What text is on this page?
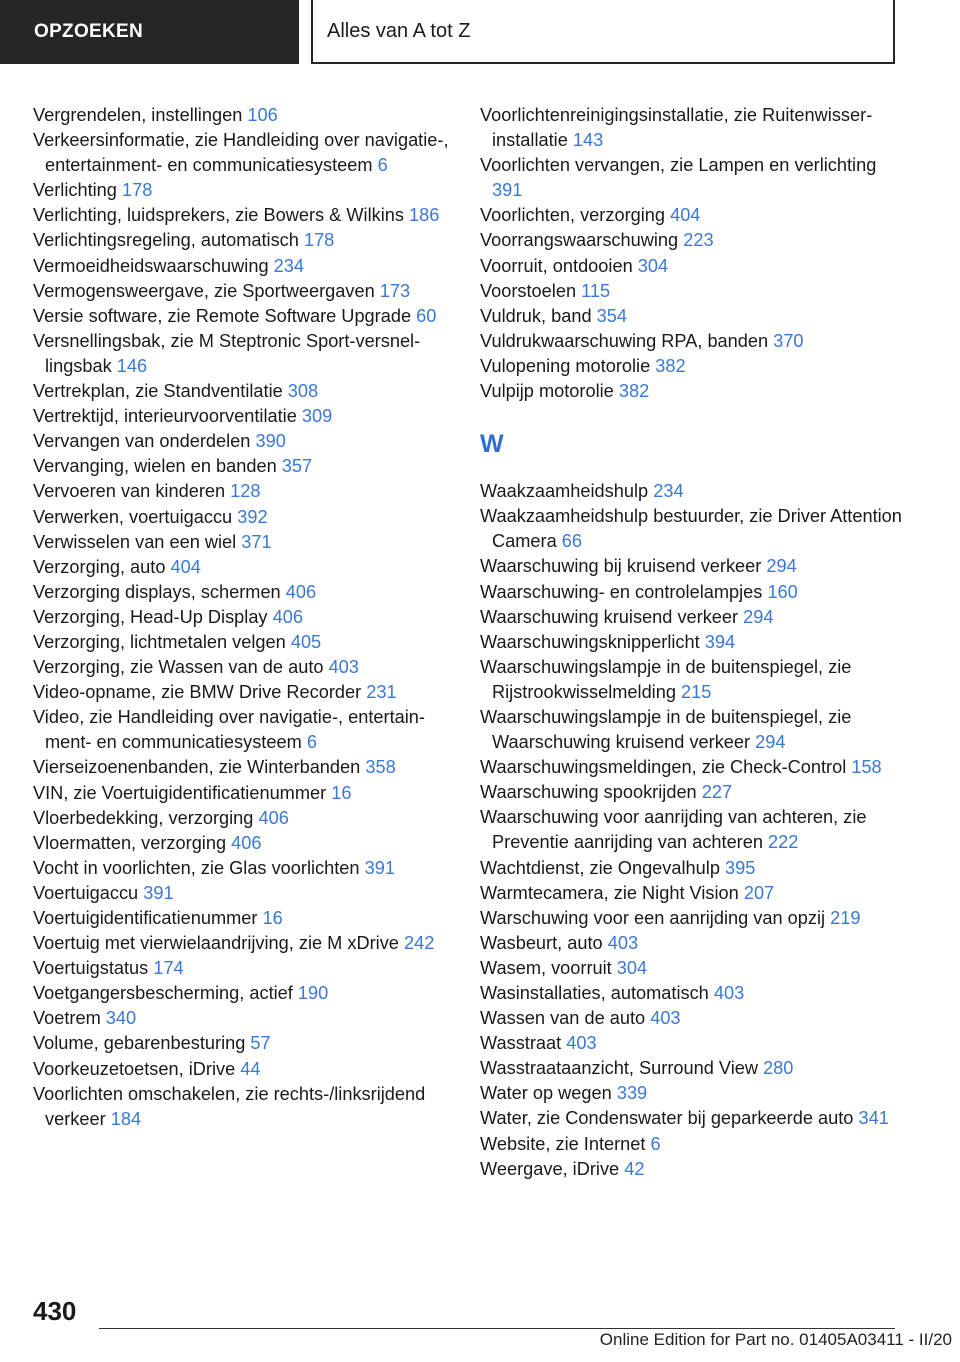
OPZOEKEN	Alles van A tot Z
Vergrendelen, instellingen 106
Verkeersinformatie, zie Handleiding over navigatie-, entertainment- en communicatiesysteem 6
Verlichting 178
Verlichting, luidsprekers, zie Bowers & Wilkins 186
Verlichtingsregeling, automatisch 178
Vermoeidheidswaarschuwing 234
Vermogensweergave, zie Sportweergaven 173
Versie software, zie Remote Software Upgrade 60
Versnellingsbak, zie M Steptronic Sport-versnellingsbak 146
Vertrekplan, zie Standventilatie 308
Vertrektijd, interieurvoorventilatie 309
Vervangen van onderdelen 390
Vervanging, wielen en banden 357
Vervoeren van kinderen 128
Verwerken, voertuigaccu 392
Verwisselen van een wiel 371
Verzorging, auto 404
Verzorging displays, schermen 406
Verzorging, Head-Up Display 406
Verzorging, lichtmetalen velgen 405
Verzorging, zie Wassen van de auto 403
Video-opname, zie BMW Drive Recorder 231
Video, zie Handleiding over navigatie-, entertainment- en communicatiesysteem 6
Vierseizoenenbanden, zie Winterbanden 358
VIN, zie Voertuigidentificatienummer 16
Vloerbedekking, verzorging 406
Vloermatten, verzorging 406
Vocht in voorlichten, zie Glas voorlichten 391
Voertuigaccu 391
Voertuigidentificatienummer 16
Voertuig met vierwielaandrijving, zie M xDrive 242
Voertuigstatus 174
Voetgangersbescherming, actief 190
Voetrem 340
Volume, gebarenbesturing 57
Voorkeuzetoetsen, iDrive 44
Voorlichten omschakelen, zie rechts-/linksrijdend verkeer 184
Voorlichtenreinigingsinstallatie, zie Ruitenwisserinstallatie 143
Voorlichten vervangen, zie Lampen en verlichting 391
Voorlichten, verzorging 404
Voorrangswaarschuwing 223
Voorruit, ontdooien 304
Voorstoelen 115
Vuldruk, band 354
Vuldrukwaarschuwing RPA, banden 370
Vulopening motorolie 382
Vulpijp motorolie 382
W
Waakzaamheidshulp 234
Waakzaamheidshulp bestuurder, zie Driver Attention Camera 66
Waarschuwing bij kruisend verkeer 294
Waarschuwing- en controlelampjes 160
Waarschuwing kruisend verkeer 294
Waarschuwingsknipperlicht 394
Waarschuwingslampje in de buitenspiegel, zie Rijstrookwisselmelding 215
Waarschuwingslampje in de buitenspiegel, zie Waarschuwing kruisend verkeer 294
Waarschuwingsmeldingen, zie Check-Control 158
Waarschuwing spookrijden 227
Waarschuwing voor aanrijding van achteren, zie Preventie aanrijding van achteren 222
Wachtdienst, zie Ongevalhulp 395
Warmtecamera, zie Night Vision 207
Warschuwing voor een aanrijding van opzij 219
Wasbeurt, auto 403
Wasem, voorruit 304
Wasinstallaties, automatisch 403
Wassen van de auto 403
Wasstraat 403
Wasstraataanzicht, Surround View 280
Water op wegen 339
Water, zie Condenswater bij geparkeerde auto 341
Website, zie Internet 6
Weergave, iDrive 42
430
Online Edition for Part no. 01405A03411 - II/20
